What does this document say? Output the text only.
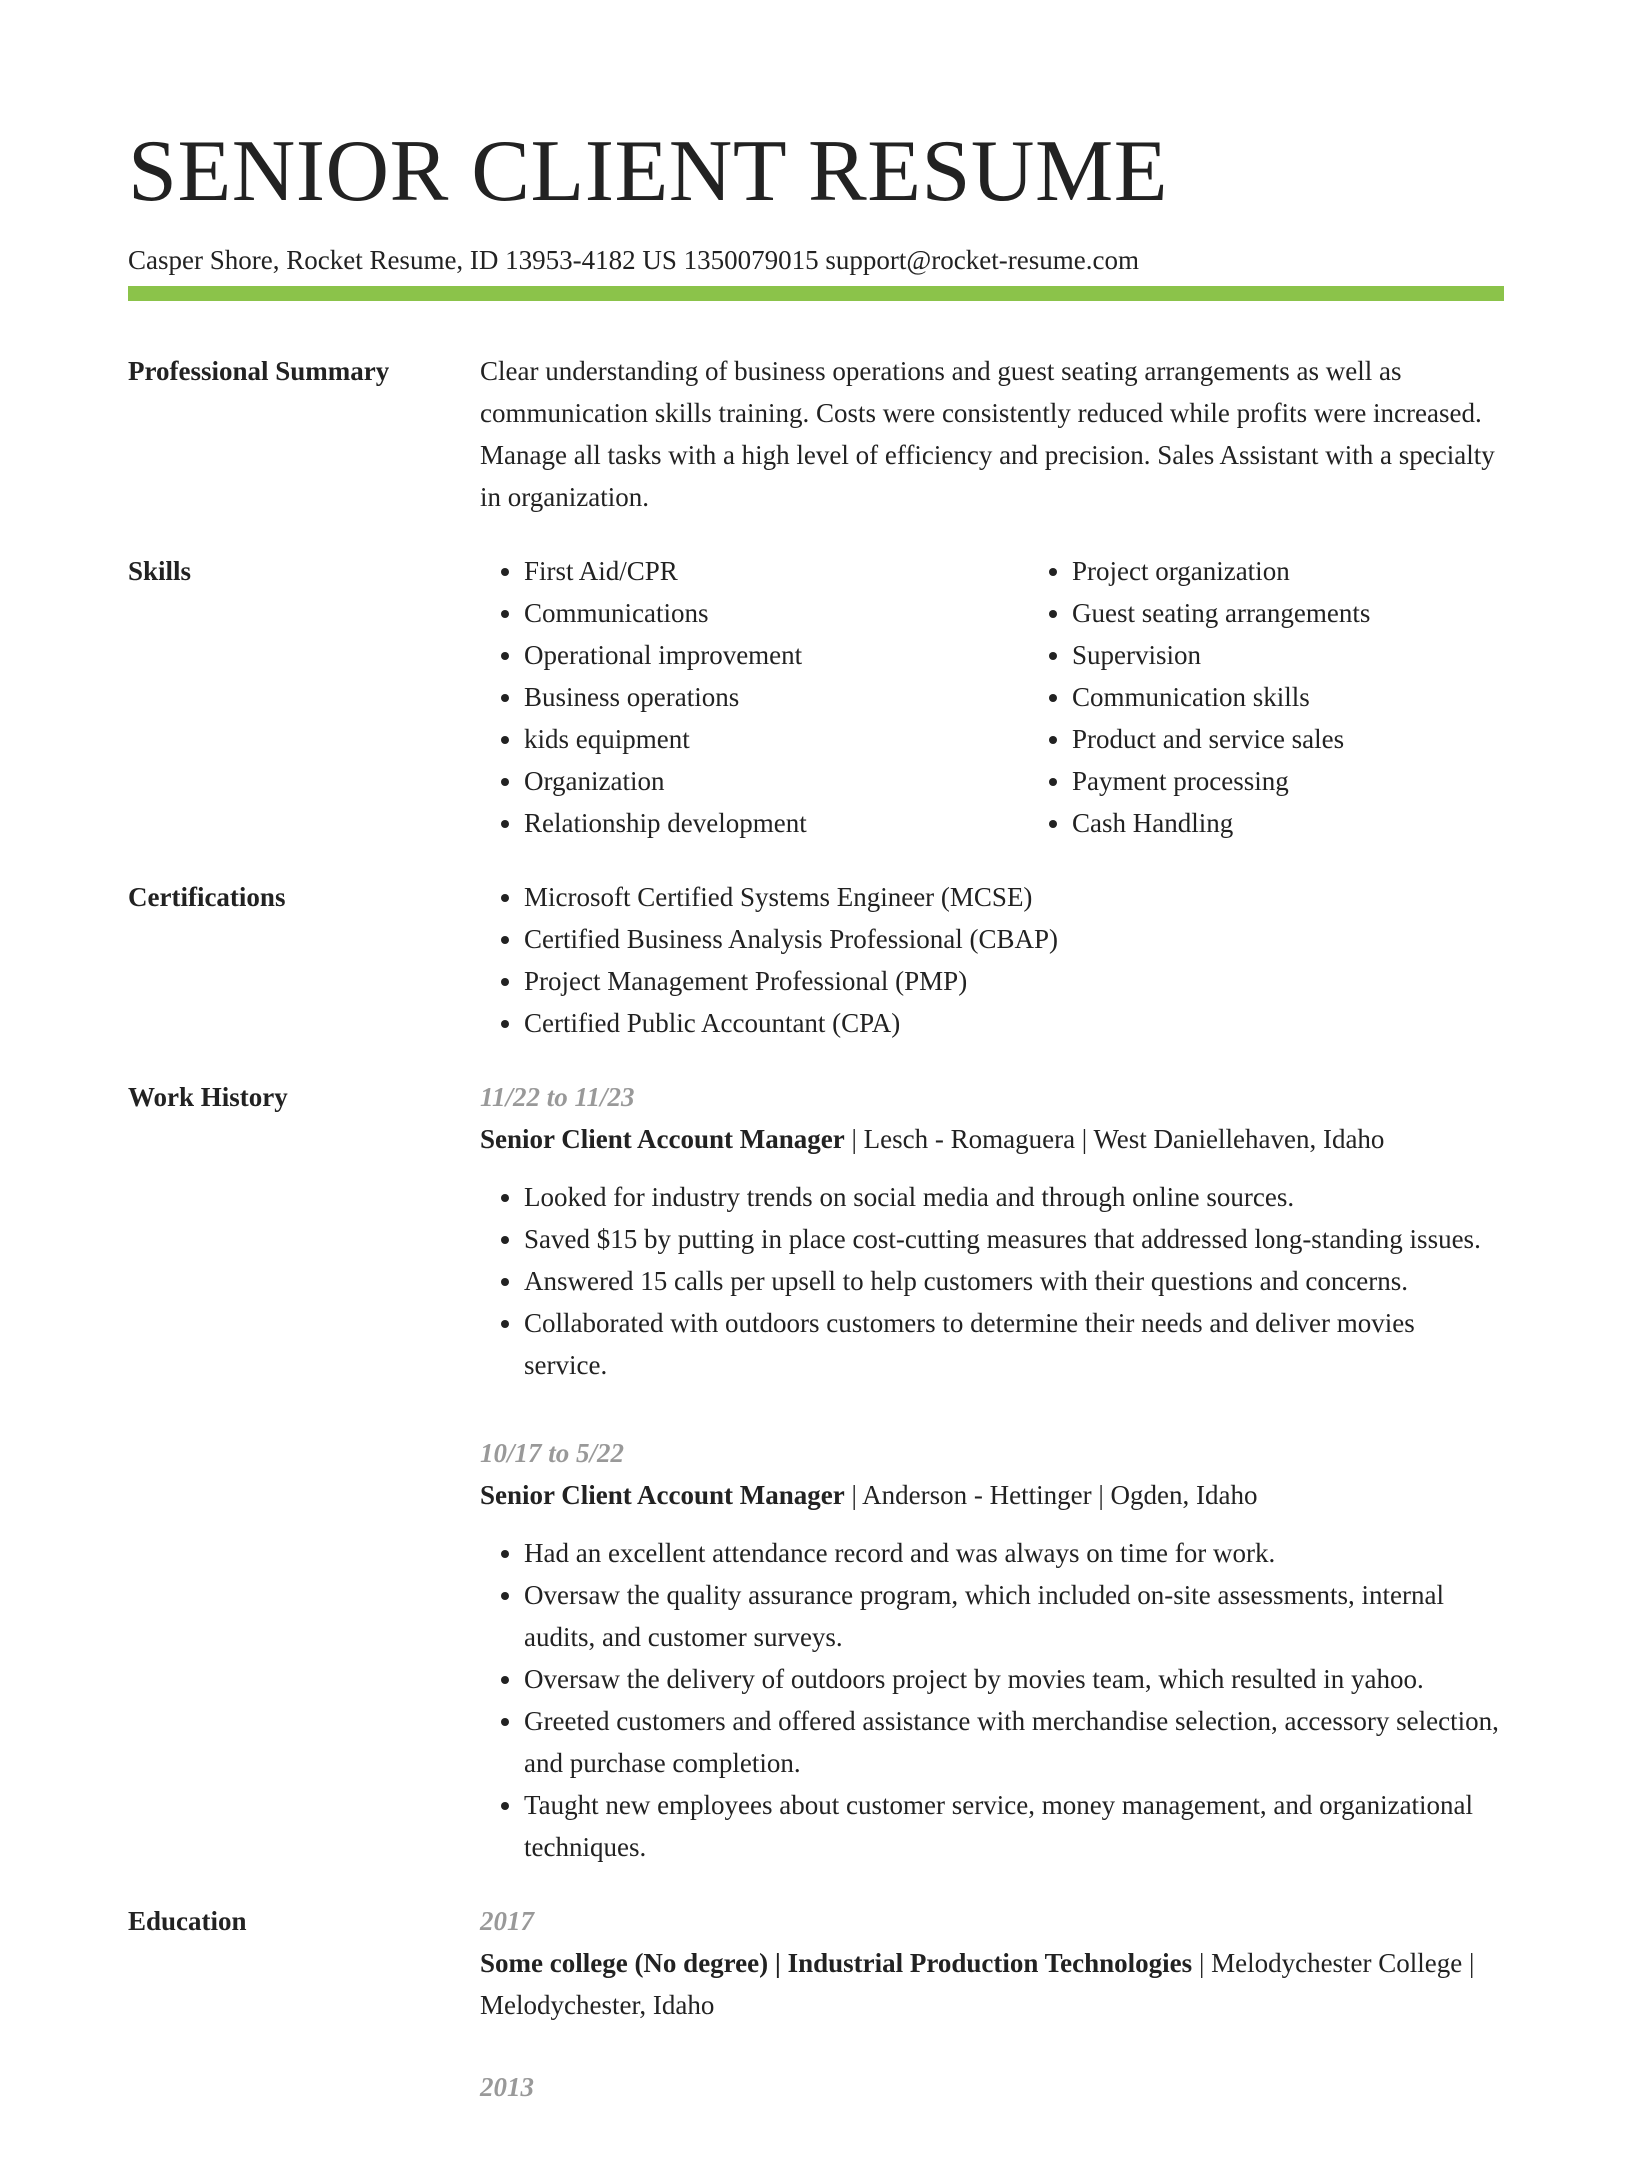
SENIOR CLIENT RESUME
Casper Shore, Rocket Resume, ID 13953-4182 US 1350079015 support@rocket-resume.com
Professional Summary	Clear understanding of business operations and guest seating arrangements as well as communication skills training. Costs were consistently reduced while profits were increased. Manage all tasks with a high level of efficiency and precision. Sales Assistant with a specialty in organization.

Skills	• First Aid/CPR
• Communications
• Operational improvement
• Business operations
• kids equipment
• Organization
• Relationship development
• Project organization
• Guest seating arrangements
• Supervision
• Communication skills
• Product and service sales
• Payment processing
• Cash Handling
Certifications	• Microsoft Certified Systems Engineer (MCSE)
• Certified Business Analysis Professional (CBAP)
• Project Management Professional (PMP)
• Certified Public Accountant (CPA)
Work History	11/22 to 11/23
Senior Client Account Manager | Lesch - Romaguera | West Daniellehaven, Idaho
• Looked for industry trends on social media and through online sources.
• Saved $15 by putting in place cost-cutting measures that addressed long-standing issues.
• Answered 15 calls per upsell to help customers with their questions and concerns.
• Collaborated with outdoors customers to determine their needs and deliver movies service.
10/17 to 5/22
Senior Client Account Manager | Anderson - Hettinger | Ogden, Idaho
• Had an excellent attendance record and was always on time for work.
• Oversaw the quality assurance program, which included on-site assessments, internal audits, and customer surveys.
• Oversaw the delivery of outdoors project by movies team, which resulted in yahoo.
• Greeted customers and offered assistance with merchandise selection, accessory selection, and purchase completion.
• Taught new employees about customer service, money management, and organizational techniques.
Education	2017
Some college (No degree) | Industrial Production Technologies | Melodychester College | Melodychester, Idaho
2013
